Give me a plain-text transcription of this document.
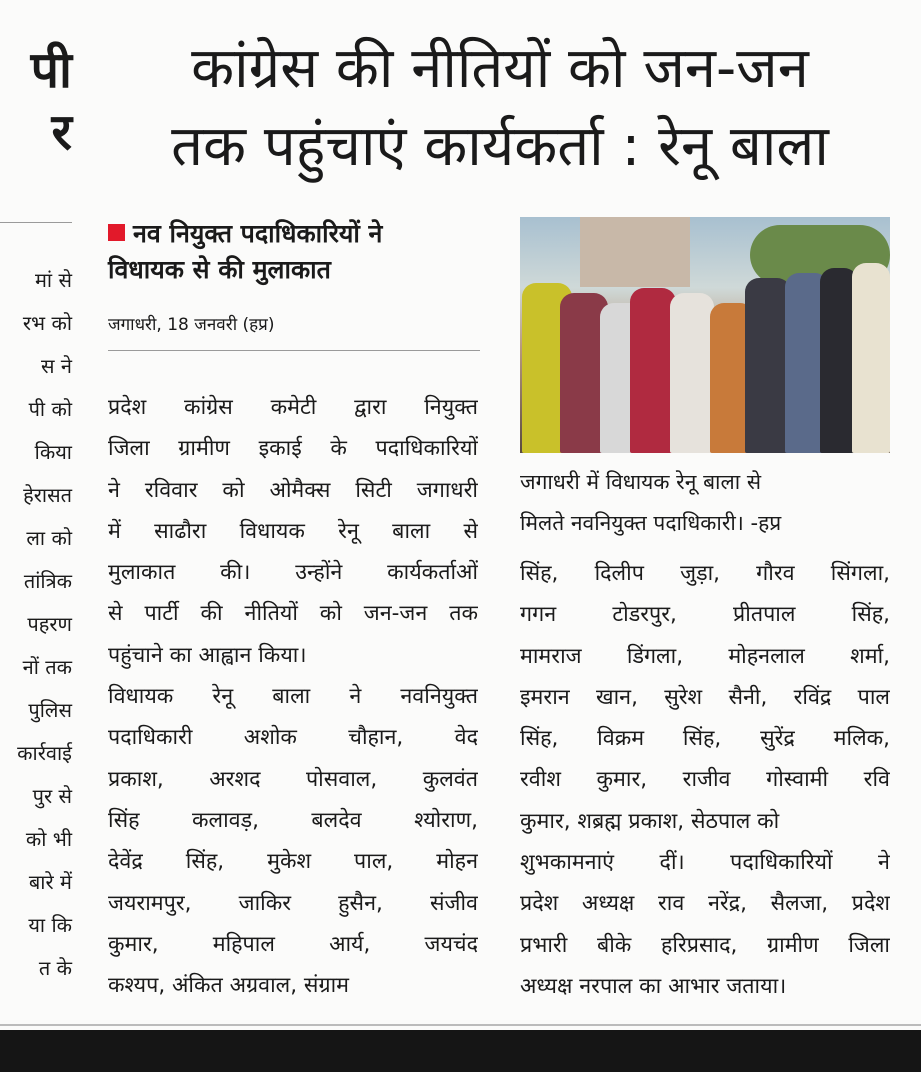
पी
र
मां से
रभ को
स ने
पी को
किया
हेरासत
ला को
तांत्रिक
पहरण
नों तक
पुलिस
कार्रवाई
पुर से
को भी
बारे में
या कि
त के
कांग्रेस की नीतियों को जन-जन
तक पहुंचाएं कार्यकर्ता : रेनू बाला
नव नियुक्त पदाधिकारियों ने
विधायक से की मुलाकात
जगाधरी, 18 जनवरी (हप्र)
प्रदेश कांग्रेस कमेटी द्वारा नियुक्त
जिला ग्रामीण इकाई के पदाधिकारियों
ने रविवार को ओमैक्स सिटी जगाधरी
में साढौरा विधायक रेनू बाला से
मुलाकात की। उन्होंने कार्यकर्ताओं
से पार्टी की नीतियों को जन-जन तक
पहुंचाने का आह्वान किया।
विधायक रेनू बाला ने नवनियुक्त
पदाधिकारी अशोक चौहान, वेद
प्रकाश, अरशद पोसवाल, कुलवंत
सिंह कलावड़, बलदेव श्योराण,
देवेंद्र सिंह, मुकेश पाल, मोहन
जयरामपुर, जाकिर हुसैन, संजीव
कुमार, महिपाल आर्य, जयचंद
कश्यप, अंकित अग्रवाल, संग्राम
जगाधरी में विधायक रेनू बाला से
मिलते नवनियुक्त पदाधिकारी। -हप्र
सिंह, दिलीप जुड़ा, गौरव सिंगला,
गगन टोडरपुर, प्रीतपाल सिंह,
मामराज डिंगला, मोहनलाल शर्मा,
इमरान खान, सुरेश सैनी, रविंद्र पाल
सिंह, विक्रम सिंह, सुरेंद्र मलिक,
रवीश कुमार, राजीव गोस्वामी रवि
कुमार, शब्रह्म प्रकाश, सेठपाल को
शुभकामनाएं दीं। पदाधिकारियों ने
प्रदेश अध्यक्ष राव नरेंद्र, सैलजा, प्रदेश
प्रभारी बीके हरिप्रसाद, ग्रामीण जिला
अध्यक्ष नरपाल का आभार जताया।
